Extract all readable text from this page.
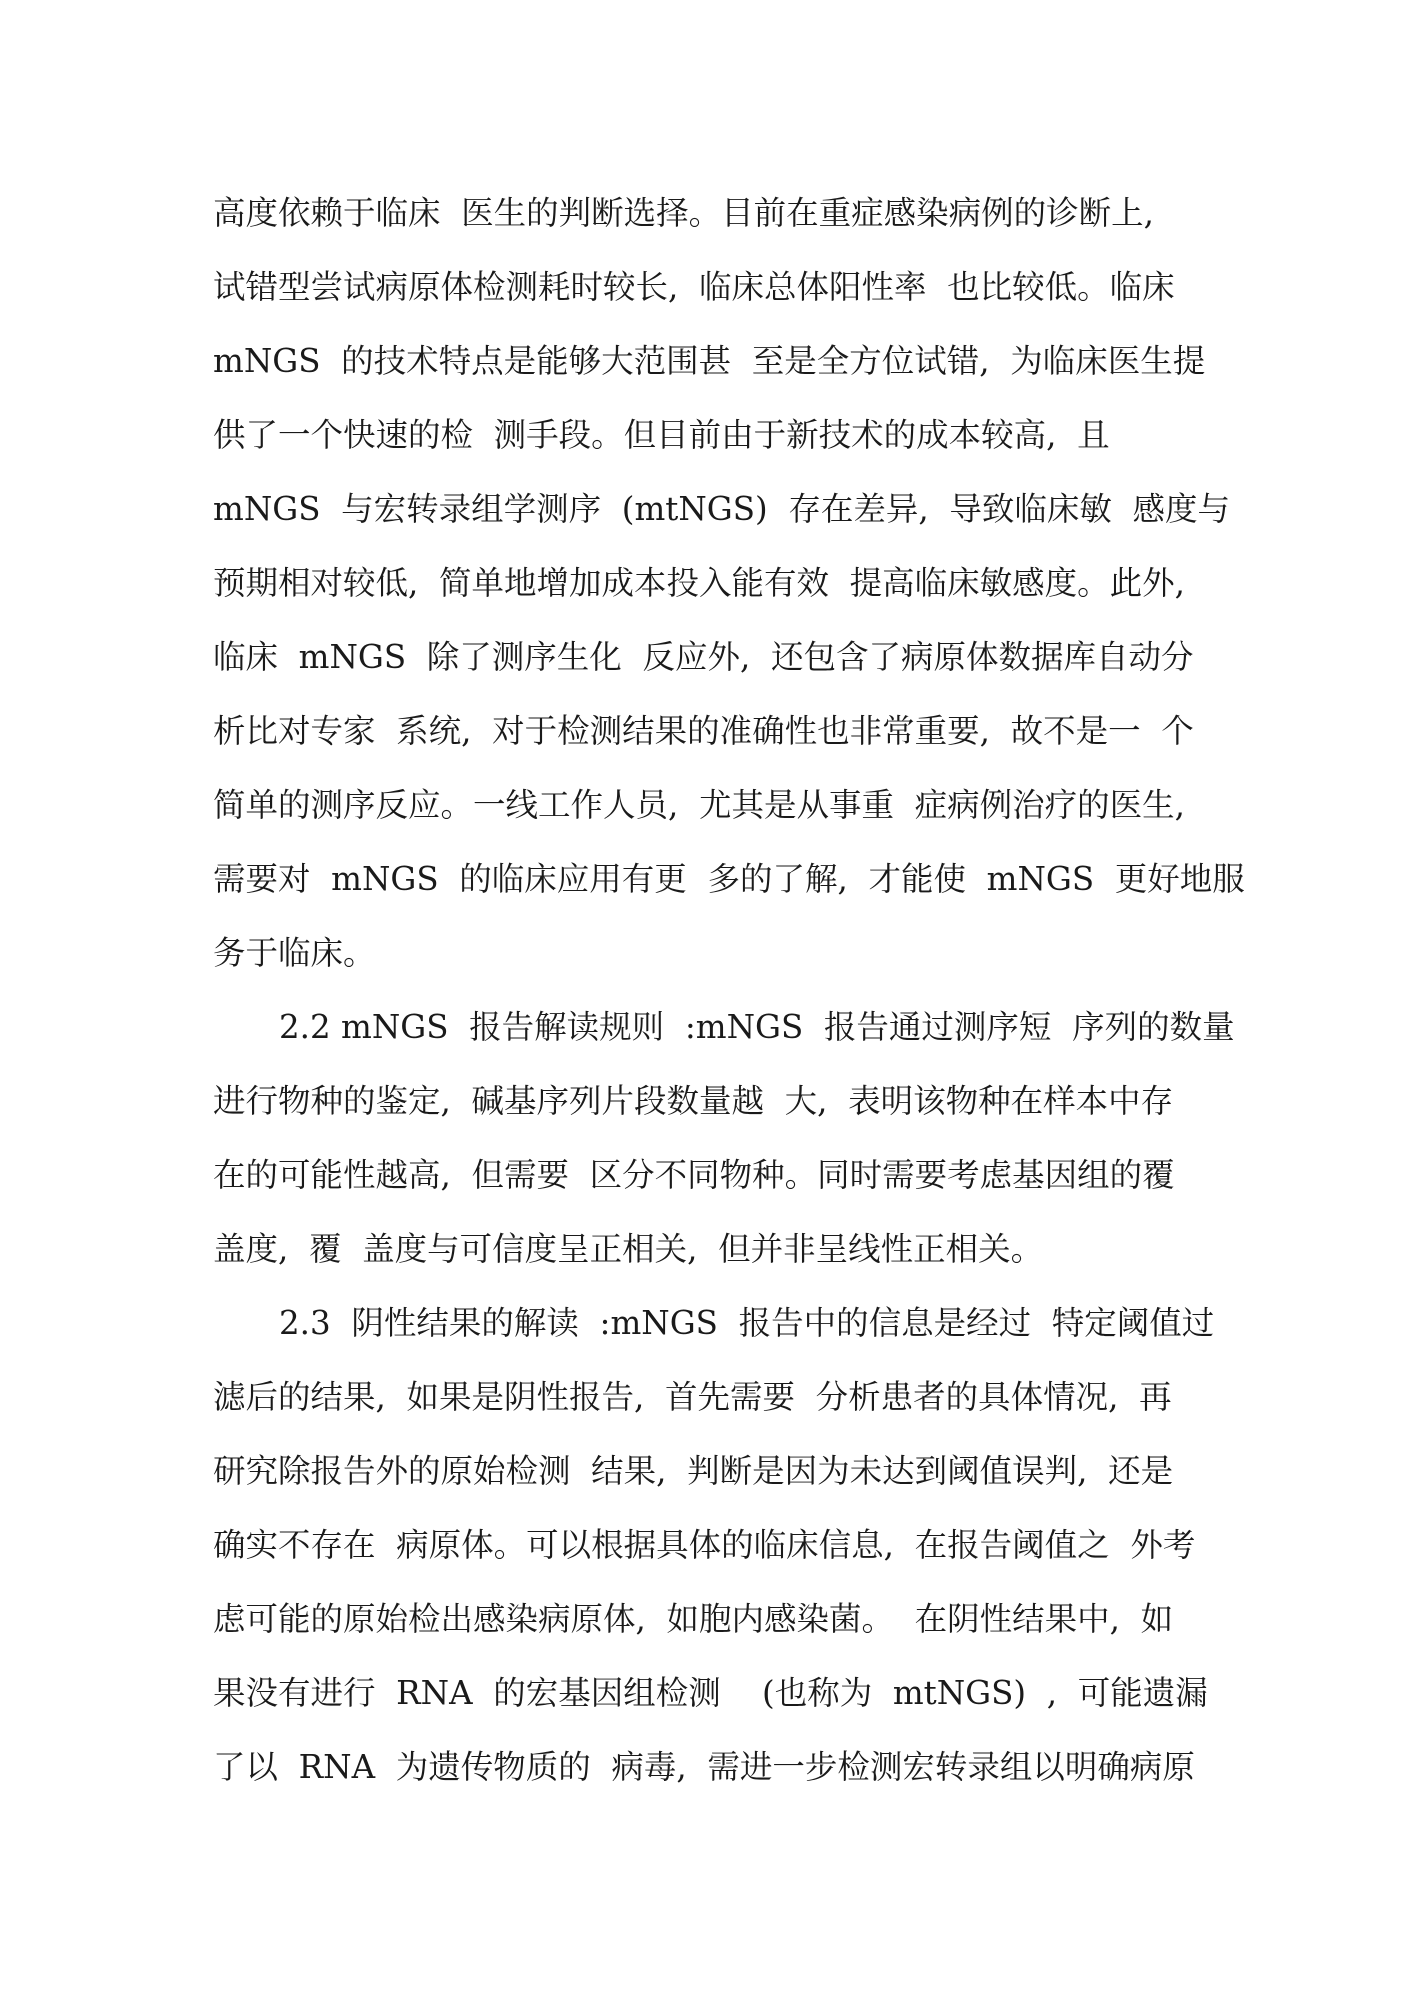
高度依赖于临床  医生的判断选择。目前在重症感染病例的诊断上,
试错型尝试病原体检测耗时较长,  临床总体阳性率  也比较低。临床
mNGS  的技术特点是能够大范围甚  至是全方位试错,  为临床医生提
供了一个快速的检  测手段。但目前由于新技术的成本较高,  且
mNGS  与宏转录组学测序  (mtNGS)  存在差异,  导致临床敏  感度与
预期相对较低,  简单地增加成本投入能有效  提高临床敏感度。此外,
临床  mNGS  除了测序生化  反应外,  还包含了病原体数据库自动分
析比对专家  系统,  对于检测结果的准确性也非常重要,  故不是一  个
简单的测序反应。一线工作人员,  尤其是从事重  症病例治疗的医生,
需要对  mNGS  的临床应用有更  多的了解,  才能使  mNGS  更好地服
务于临床。
2.2 mNGS  报告解读规则  :mNGS  报告通过测序短  序列的数量
进行物种的鉴定,  碱基序列片段数量越  大,  表明该物种在样本中存
在的可能性越高,  但需要  区分不同物种。同时需要考虑基因组的覆
盖度,  覆  盖度与可信度呈正相关,  但并非呈线性正相关。
2.3  阴性结果的解读  :mNGS  报告中的信息是经过  特定阈值过
滤后的结果,  如果是阴性报告,  首先需要  分析患者的具体情况,  再
研究除报告外的原始检测  结果,  判断是因为未达到阈值误判,  还是
确实不存在  病原体。可以根据具体的临床信息,  在报告阈值之  外考
虑可能的原始检出感染病原体,  如胞内感染菌。  在阴性结果中,  如
果没有进行  RNA  的宏基因组检测    (也称为  mtNGS)  ,  可能遗漏
了以  RNA  为遗传物质的  病毒,  需进一步检测宏转录组以明确病原
